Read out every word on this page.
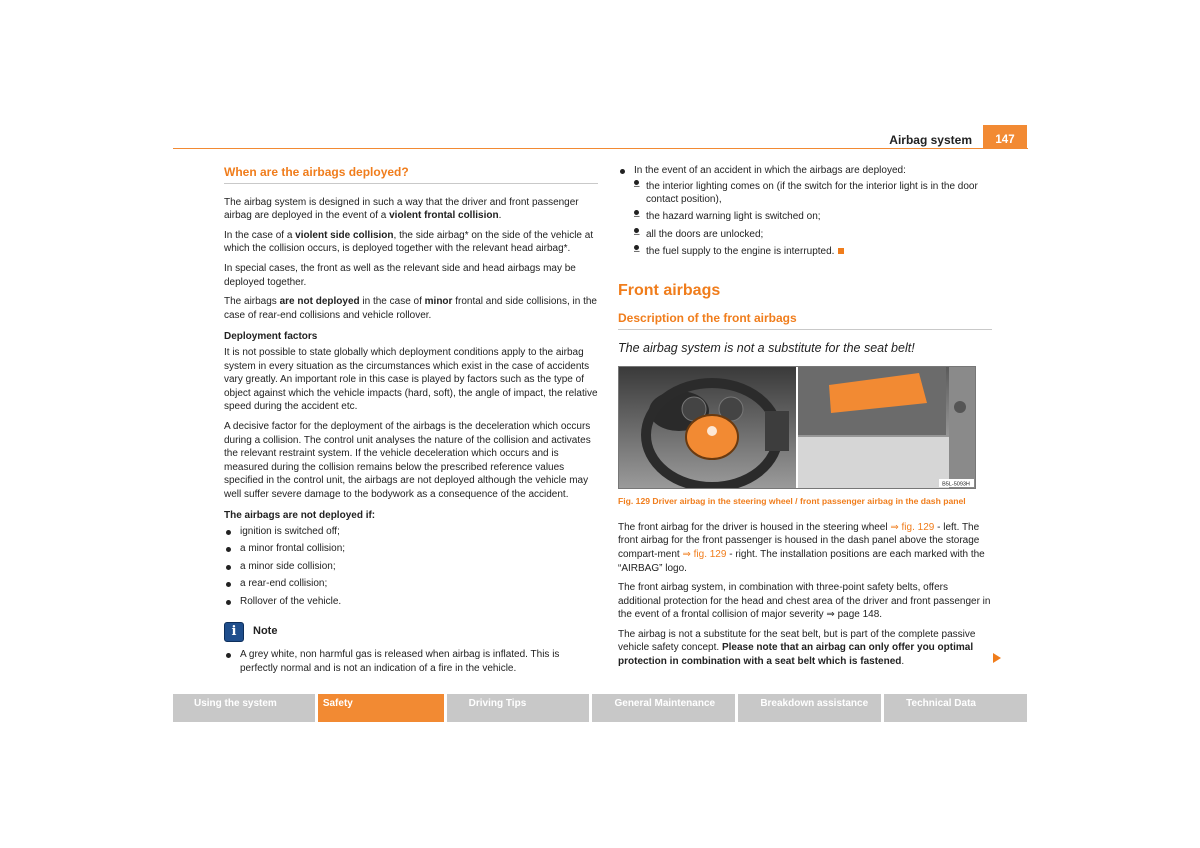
Airbag system	147
When are the airbags deployed?

The airbag system is designed in such a way that the driver and front passenger airbag are deployed in the event of a violent frontal collision.

In the case of a violent side collision, the side airbag* on the side of the vehicle at which the collision occurs, is deployed together with the relevant head airbag*.

In special cases, the front as well as the relevant side and head airbags may be deployed together.

The airbags are not deployed in the case of minor frontal and side collisions, in the case of rear-end collisions and vehicle rollover.

Deployment factors

It is not possible to state globally which deployment conditions apply to the airbag system in every situation as the circumstances which exist in the case of accidents vary greatly. An important role in this case is played by factors such as the type of object against which the vehicle impacts (hard, soft), the angle of impact, the relative speed during the accident etc.

A decisive factor for the deployment of the airbags is the deceleration which occurs during a collision. The control unit analyses the nature of the collision and activates the relevant restraint system. If the vehicle deceleration which occurs and is measured during the collision remains below the prescribed reference values specified in the control unit, the airbags are not deployed although the vehicle may well suffer severe damage to the bodywork as a consequence of the accident.

The airbags are not deployed if:
ignition is switched off;
a minor frontal collision;
a minor side collision;
a rear-end collision;
Rollover of the vehicle.
i	Note
A grey white, non harmful gas is released when airbag is inflated. This is perfectly normal and is not an indication of a fire in the vehicle.
In the event of an accident in which the airbags are deployed:
– the interior lighting comes on (if the switch for the interior light is in the door contact position),
– the hazard warning light is switched on;
– all the doors are unlocked;
– the fuel supply to the engine is interrupted.
Front airbags
Description of the front airbags
The airbag system is not a substitute for the seat belt!
B5L-5093H
Fig. 129 Driver airbag in the steering wheel / front passenger airbag in the dash panel

The front airbag for the driver is housed in the steering wheel ⇒ fig. 129 - left. The front airbag for the front passenger is housed in the dash panel above the storage compart-ment ⇒ fig. 129 - right. The installation positions are each marked with the “AIRBAG” logo.

The front airbag system, in combination with three-point safety belts, offers additional protection for the head and chest area of the driver and front passenger in the event of a frontal collision of major severity ⇒ page 148.

The airbag is not a substitute for the seat belt, but is part of the complete passive vehicle safety concept. Please note that an airbag can only offer you optimal protection in combination with a seat belt which is fastened.

Using the system	Safety	Driving Tips	General Maintenance	Breakdown assistance	Technical Data
